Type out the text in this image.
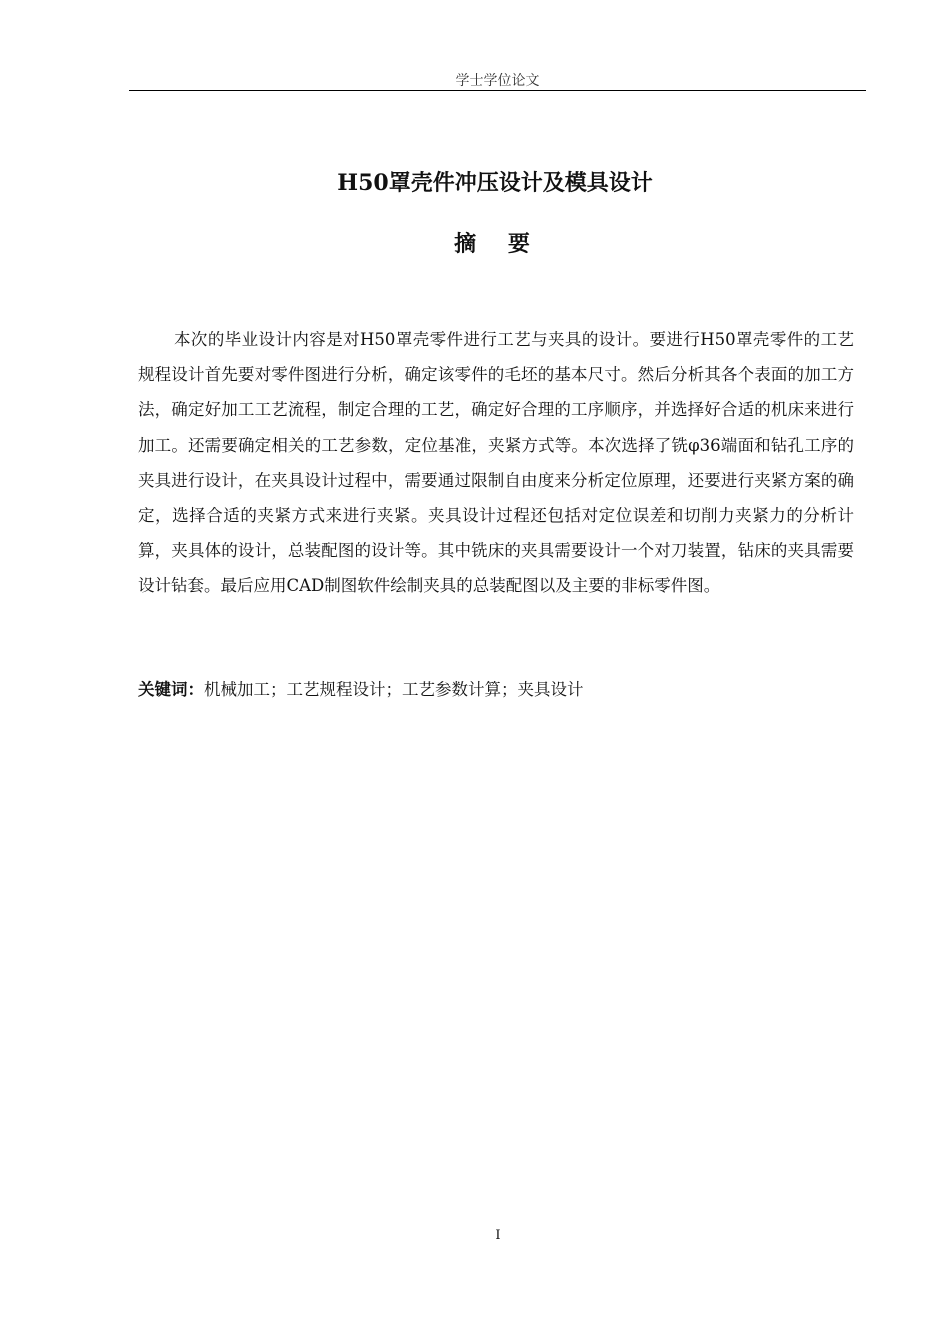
学士学位论文
H50罩壳件冲压设计及模具设计
摘 要

本次的毕业设计内容是对H50罩壳零件进行工艺与夹具的设计。要进行H50罩壳零件的工艺规程设计首先要对零件图进行分析，确定该零件的毛坯的基本尺寸。然后分析其各个表面的加工方法，确定好加工工艺流程，制定合理的工艺，确定好合理的工序顺序，并选择好合适的机床来进行加工。还需要确定相关的工艺参数，定位基准，夹紧方式等。本次选择了铣φ36端面和钻孔工序的夹具进行设计，在夹具设计过程中，需要通过限制自由度来分析定位原理，还要进行夹紧方案的确定，选择合适的夹紧方式来进行夹紧。夹具设计过程还包括对定位误差和切削力夹紧力的分析计算，夹具体的设计，总装配图的设计等。其中铣床的夹具需要设计一个对刀装置，钻床的夹具需要设计钻套。最后应用CAD制图软件绘制夹具的总装配图以及主要的非标零件图。

关键词：机械加工；工艺规程设计；工艺参数计算；夹具设计
I
